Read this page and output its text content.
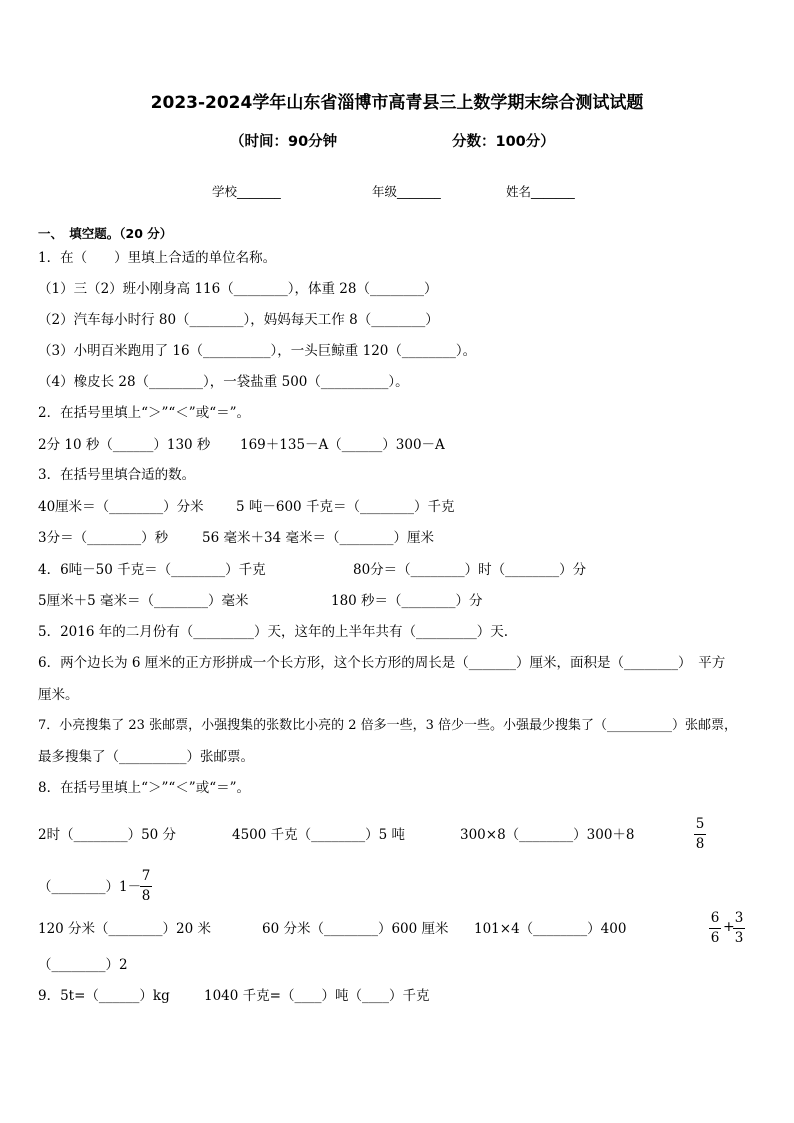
2023-2024学年山东省淄博市高青县三上数学期末综合测试试题
（时间：90分钟	分数：100分）
学校_______	年级_______	姓名_______
一、　填空题。（20 分）
1．在（　　）里填上合适的单位名称。
（1）三（2）班小刚身高 116（________），体重 28（________）
（2）汽车每小时行 80（________），妈妈每天工作 8（________）
（3）小明百米跑用了 16（__________），一头巨鲸重 120（________）。
（4）橡皮长 28（________），一袋盐重 500（__________）。
2．在括号里填上“＞”“＜”或“＝”。
2分 10 秒（______）130 秒 169＋135－A（______）300－A
3．在括号里填合适的数。
40厘米＝（________）分米 5 吨－600 千克＝（________）千克
3分＝（________）秒	56 毫米＋34 毫米＝（________）厘米
4．6吨－50 千克＝（________）千克	80分＝（________）时（________）分
5厘米＋5 毫米＝（________）毫米	180 秒＝（________）分
5．2016 年的二月份有（_________）天，这年的上半年共有（_________）天.
6．两个边长为 6 厘米的正方形拼成一个长方形，这个长方形的周长是（_______）厘米，面积是（________）　平方
厘米。
7．小亮搜集了 23 张邮票，小强搜集的张数比小亮的 2 倍多一些，3 倍少一些。小强最少搜集了（__________）张邮票，
最多搜集了（__________）张邮票。
8．在括号里填上“＞”“＜”或“＝”。
2时（________）50 分	4500 千克（________）5 吨	300×8（________）300＋8
5
8
（________）1－
7
8
120 分米（________）20 米	60 分米（________）600 厘米 101×4（________）400
6
6
+
3
3
（________）2
9．5t=（______）kg	1040 千克=（____）吨（____）千克
